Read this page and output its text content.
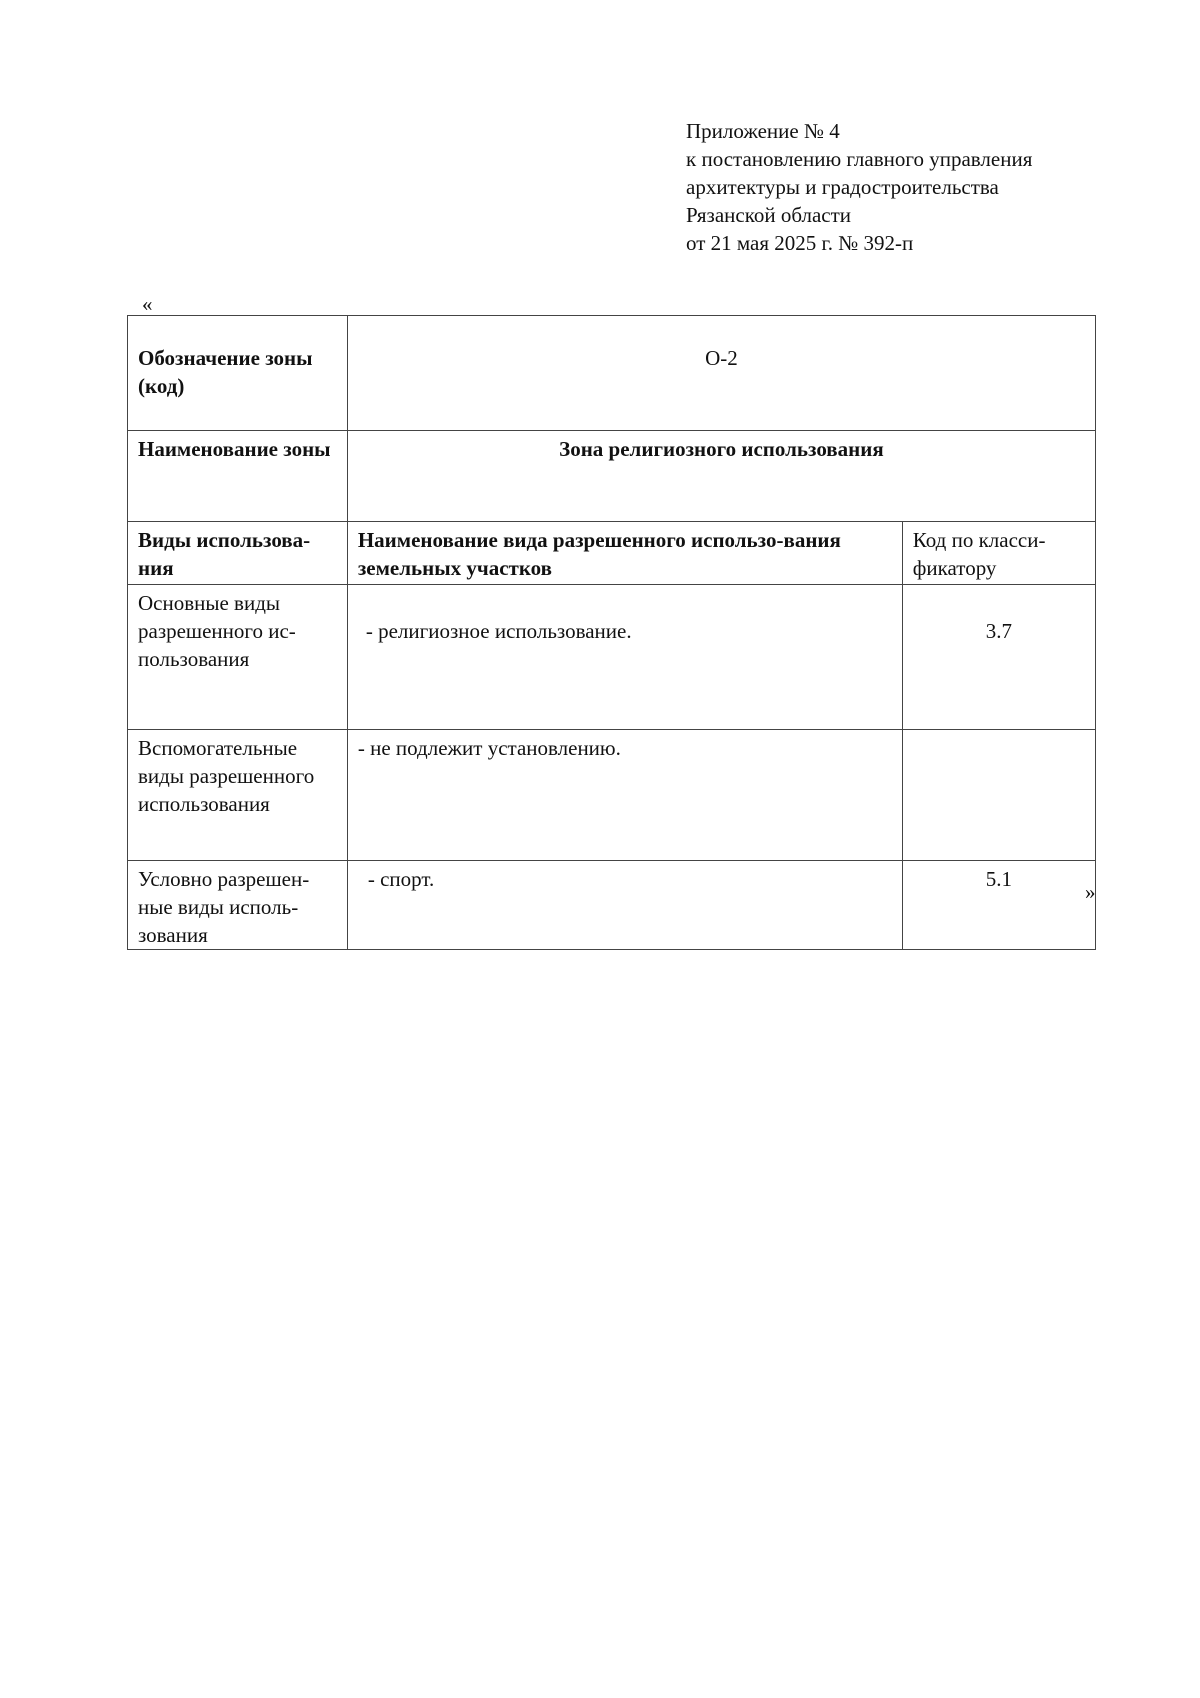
Приложение № 4
к постановлению главного управления
архитектуры и градостроительства
Рязанской области
от 21 мая 2025 г. № 392-п
«
Обозначение зоны (код)	О-2	
Наименование зоны	Зона религиозного использования	
Виды использова-ния	Наименование вида разрешенного использо-вания земельных участков	Код по класси-фикатору
Основные виды разрешенного ис-пользования	- религиозное использование.	3.7
Вспомогательные виды разрешенного использования	- не подлежит установлению.	
Условно разрешен-ные виды исполь-зования	- спорт.	5.1
»
